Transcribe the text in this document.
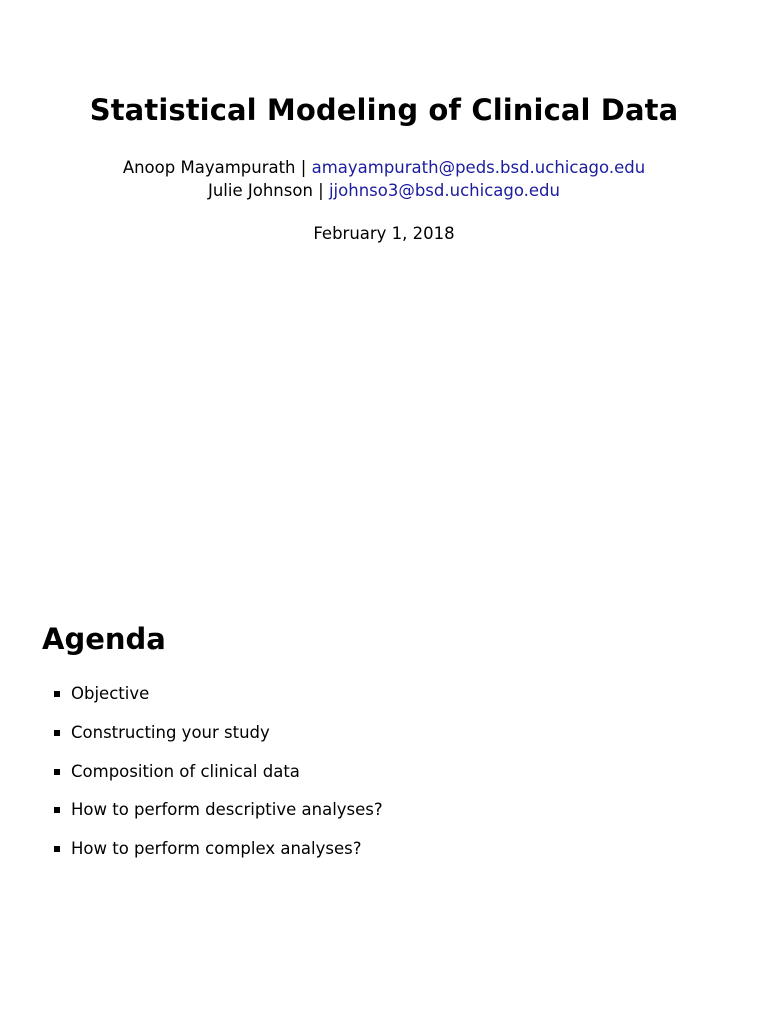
Statistical Modeling of Clinical Data
Anoop Mayampurath | amayampurath@peds.bsd.uchicago.edu
Julie Johnson | jjohnso3@bsd.uchicago.edu
February 1, 2018
Agenda
Objective
Constructing your study
Composition of clinical data
How to perform descriptive analyses?
How to perform complex analyses?
